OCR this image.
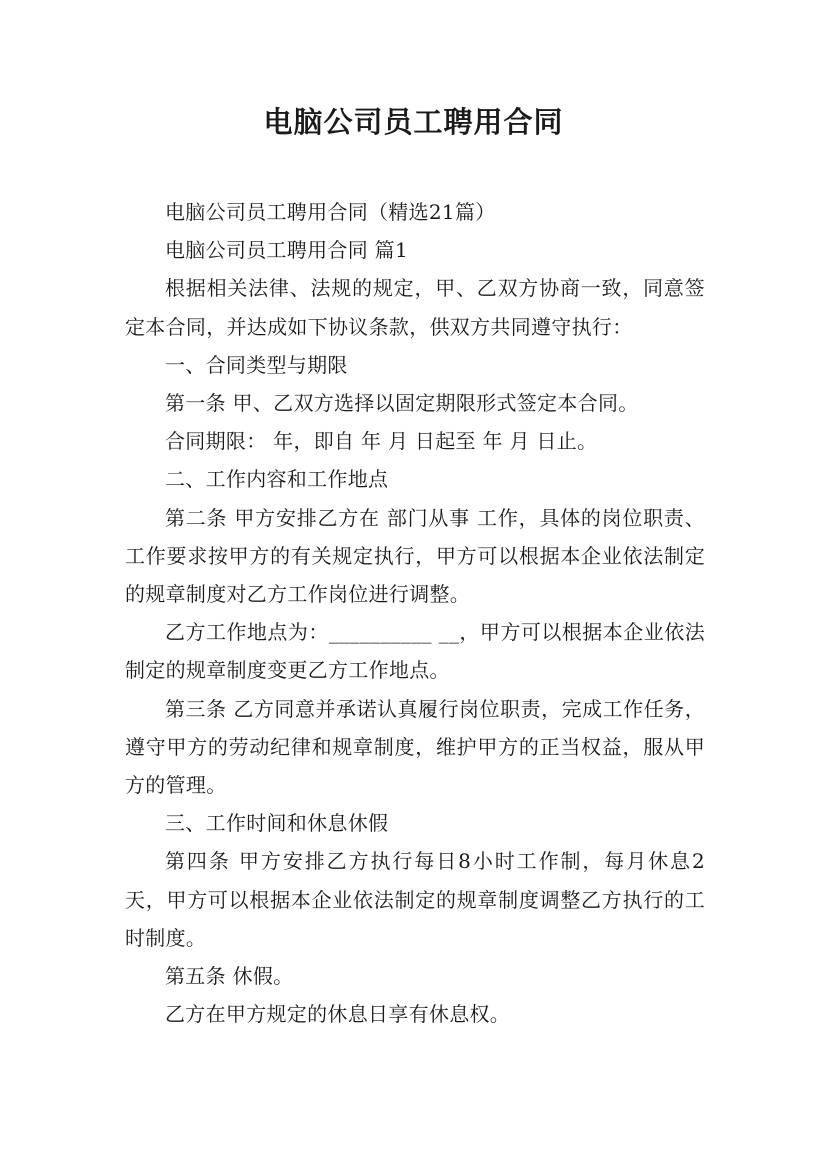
电脑公司员工聘用合同

电脑公司员工聘用合同（精选21篇）

电脑公司员工聘用合同 篇1

根据相关法律、法规的规定，甲、乙双方协商一致，同意签定本合同，并达成如下协议条款，供双方共同遵守执行：

一、合同类型与期限

第一条 甲、乙双方选择以固定期限形式签定本合同。

合同期限： 年，即自 年 月 日起至 年 月 日止。

二、工作内容和工作地点

第二条 甲方安排乙方在 部门从事 工作，具体的岗位职责、工作要求按甲方的有关规定执行，甲方可以根据本企业依法制定的规章制度对乙方工作岗位进行调整。

乙方工作地点为：__________ __，甲方可以根据本企业依法制定的规章制度变更乙方工作地点。

第三条 乙方同意并承诺认真履行岗位职责，完成工作任务，遵守甲方的劳动纪律和规章制度，维护甲方的正当权益，服从甲方的管理。

三、工作时间和休息休假

第四条 甲方安排乙方执行每日8小时工作制，每月休息2天，甲方可以根据本企业依法制定的规章制度调整乙方执行的工时制度。

第五条 休假。

乙方在甲方规定的休息日享有休息权。
